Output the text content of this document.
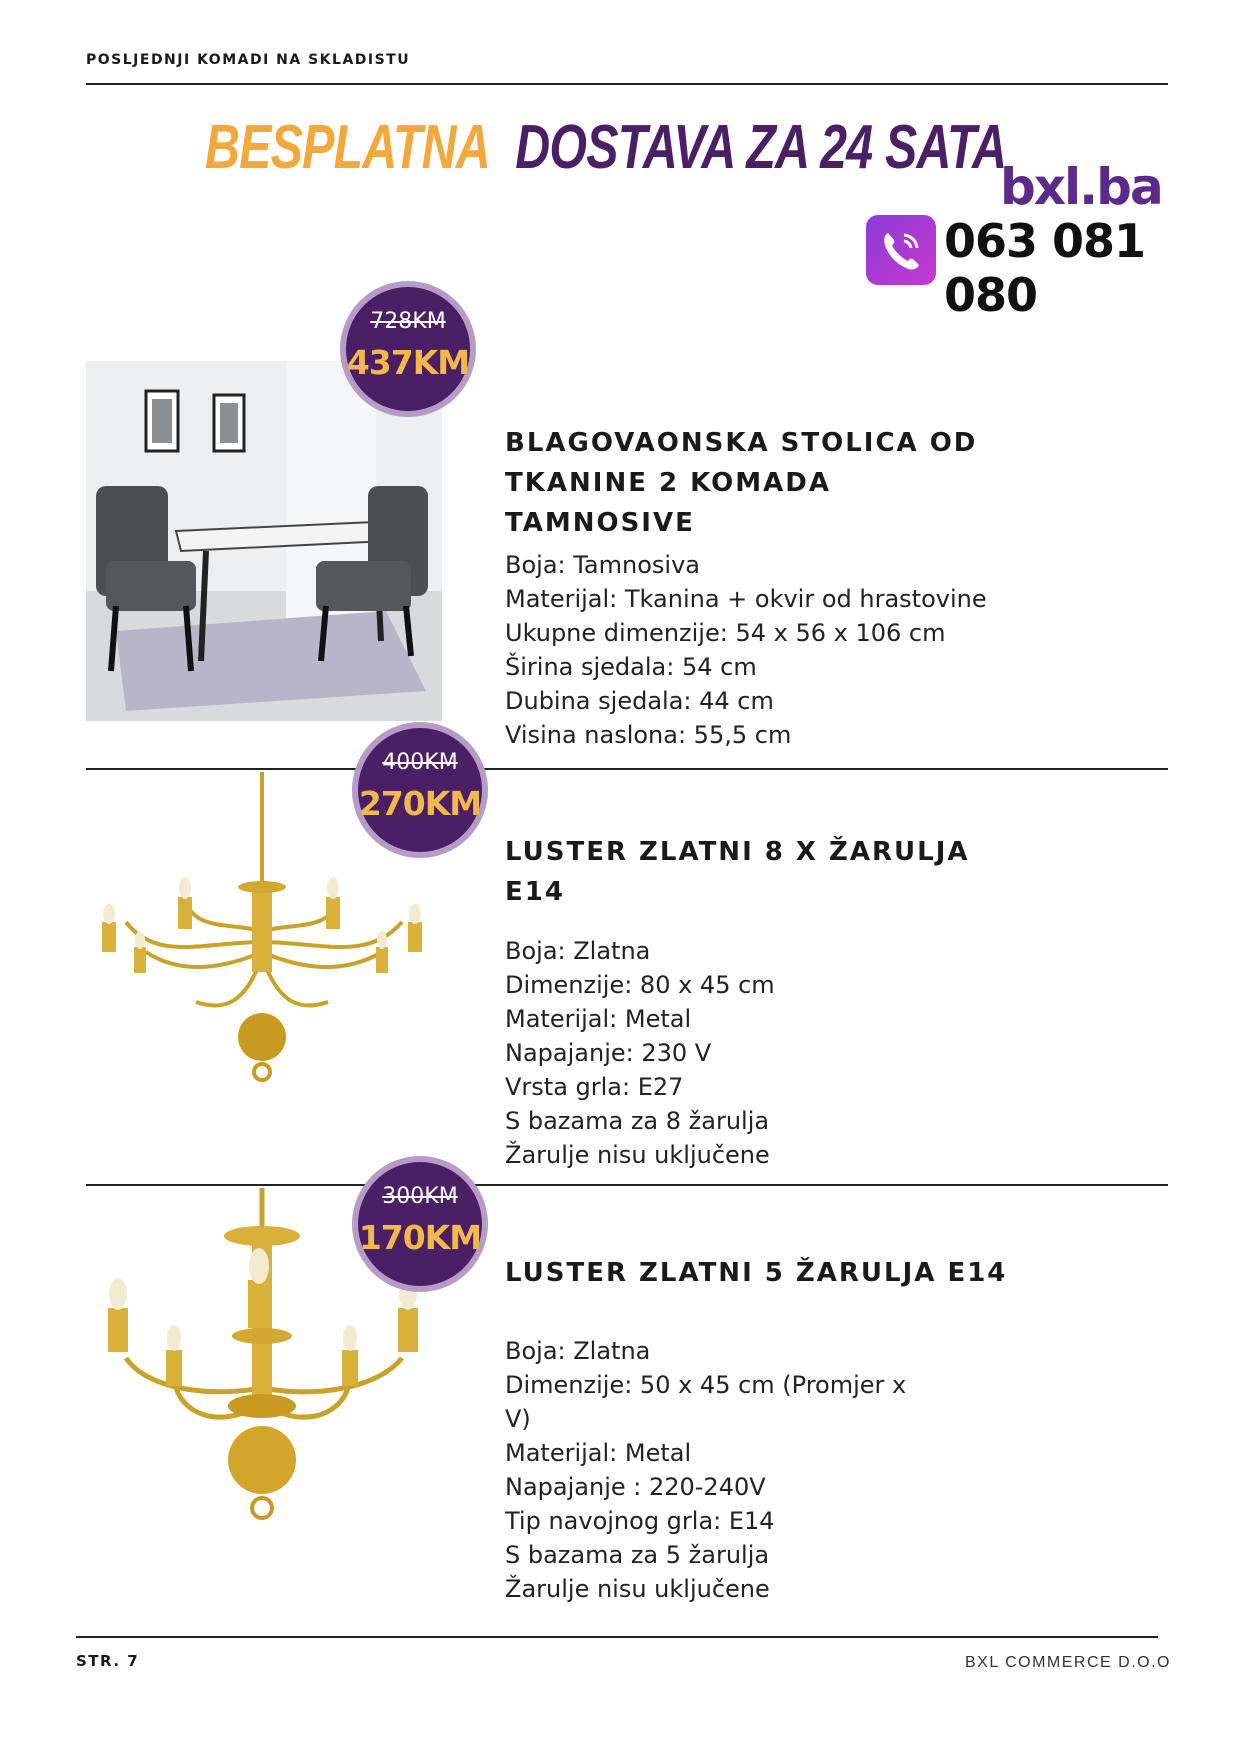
POSLJEDNJI KOMADI NA SKLADISTU
BESPLATNA DOSTAVA ZA 24 SATA
bxl.ba
063 081 080
728KM
437KM
BLAGOVAONSKA STOLICA OD
TKANINE 2 KOMADA
TAMNOSIVE
Boja: Tamnosiva
Materijal: Tkanina + okvir od hrastovine
Ukupne dimenzije: 54 x 56 x 106 cm
Širina sjedala: 54 cm
Dubina sjedala: 44 cm
Visina naslona: 55,5 cm
400KM
270KM
LUSTER ZLATNI 8 X ŽARULJA
E14
Boja: Zlatna
Dimenzije: 80 x 45 cm
Materijal: Metal
Napajanje: 230 V
Vrsta grla: E27
S bazama za 8 žarulja
Žarulje nisu uključene
300KM
170KM
LUSTER ZLATNI 5 ŽARULJA E14
Boja: Zlatna
Dimenzije: 50 x 45 cm (Promjer x
V)
Materijal: Metal
Napajanje : 220-240V
Tip navojnog grla: E14
S bazama za 5 žarulja
Žarulje nisu uključene
STR. 7	BXL COMMERCE D.O.O
